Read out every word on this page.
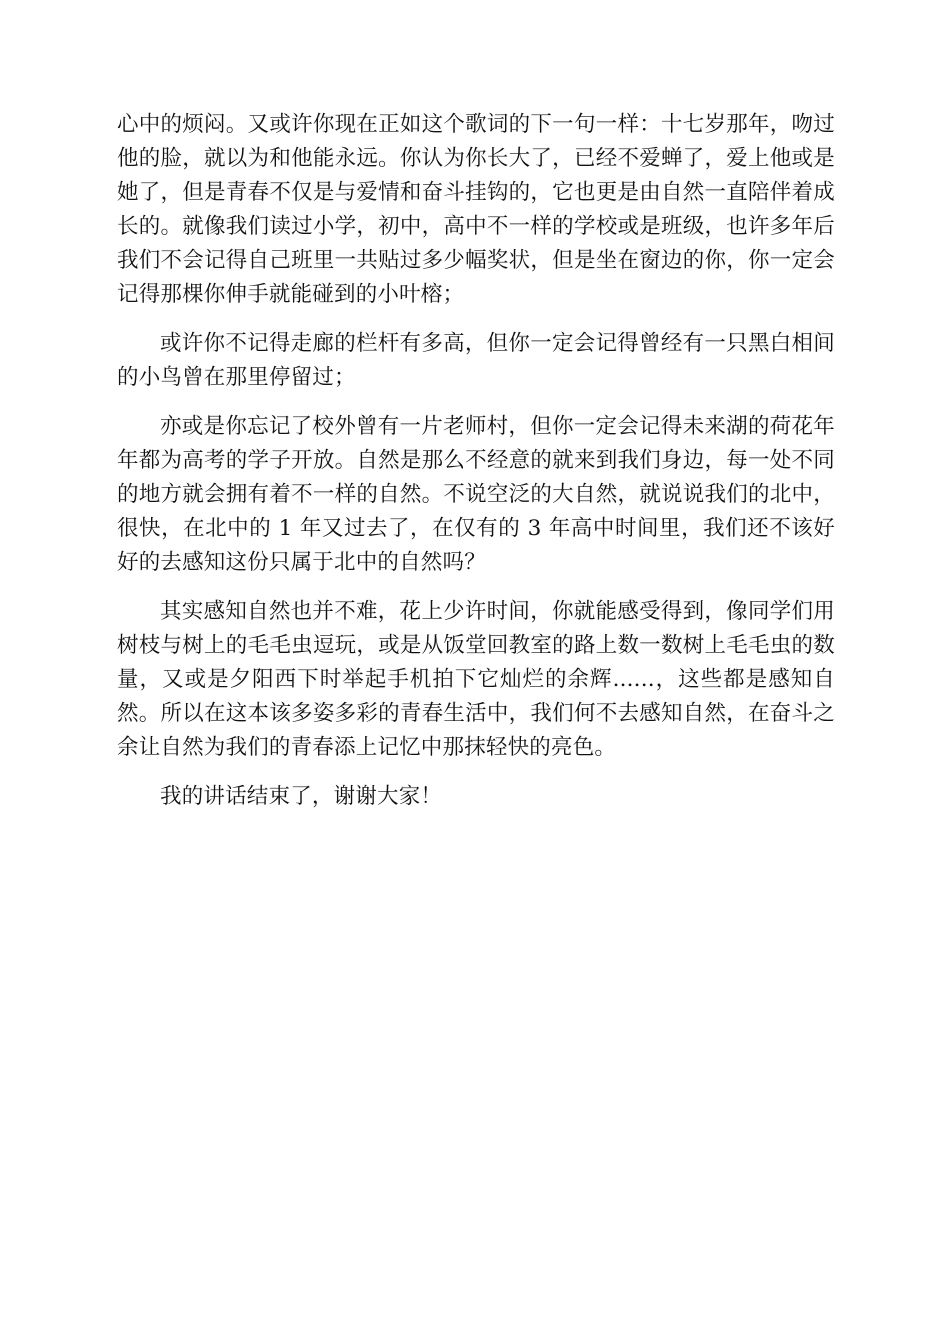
心中的烦闷。又或许你现在正如这个歌词的下一句一样：十七岁那年，吻过他的脸，就以为和他能永远。你认为你长大了，已经不爱蝉了，爱上他或是她了，但是青春不仅是与爱情和奋斗挂钩的，它也更是由自然一直陪伴着成长的。就像我们读过小学，初中，高中不一样的学校或是班级，也许多年后我们不会记得自己班里一共贴过多少幅奖状，但是坐在窗边的你，你一定会记得那棵你伸手就能碰到的小叶榕；

或许你不记得走廊的栏杆有多高，但你一定会记得曾经有一只黑白相间的小鸟曾在那里停留过；

亦或是你忘记了校外曾有一片老师村，但你一定会记得未来湖的荷花年年都为高考的学子开放。自然是那么不经意的就来到我们身边，每一处不同的地方就会拥有着不一样的自然。不说空泛的大自然，就说说我们的北中，很快，在北中的 1 年又过去了，在仅有的 3 年高中时间里，我们还不该好好的去感知这份只属于北中的自然吗？

其实感知自然也并不难，花上少许时间，你就能感受得到，像同学们用树枝与树上的毛毛虫逗玩，或是从饭堂回教室的路上数一数树上毛毛虫的数量，又或是夕阳西下时举起手机拍下它灿烂的余辉......，这些都是感知自然。所以在这本该多姿多彩的青春生活中，我们何不去感知自然，在奋斗之余让自然为我们的青春添上记忆中那抹轻快的亮色。

我的讲话结束了，谢谢大家！
